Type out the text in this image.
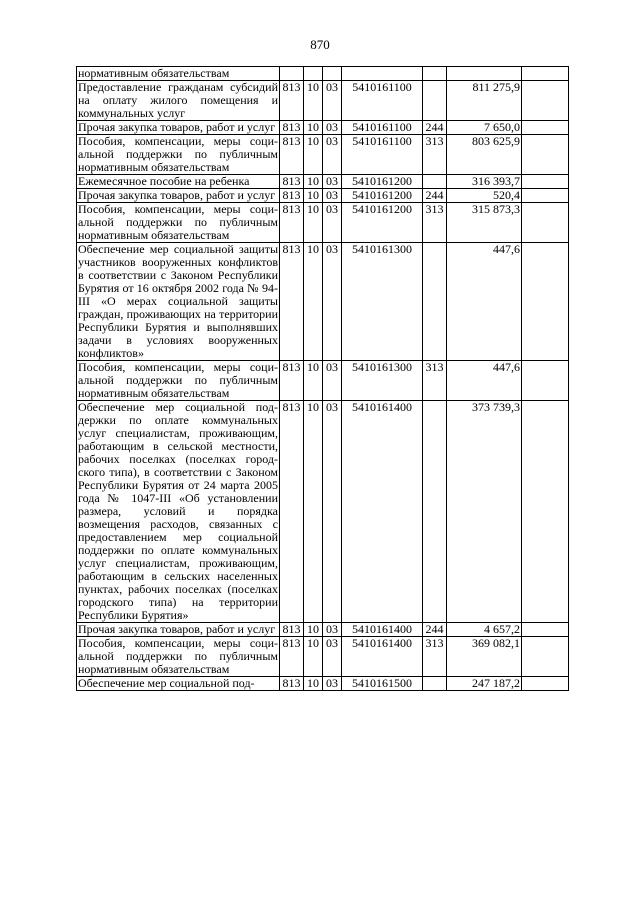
870
нормативным обязательствам							
Предоставление гражданам субсидий на оплату жилого помещения и коммунальных услуг	813	10	03	5410161100		811 275,9	
Прочая закупка товаров, работ и услуг	813	10	03	5410161100	244	7 650,0	
Пособия, компенсации, меры социальной поддержки по публичным нормативным обязательствам	813	10	03	5410161100	313	803 625,9	
Ежемесячное пособие на ребенка	813	10	03	5410161200		316 393,7	
Прочая закупка товаров, работ и услуг	813	10	03	5410161200	244	520,4	
Пособия, компенсации, меры социальной поддержки по публичным нормативным обязательствам	813	10	03	5410161200	313	315 873,3	
Обеспечение мер социальной защиты участников вооруженных конфликтов в соответствии с Законом Республики Бурятия от 16 октября 2002 года № 94-III «О мерах социальной защиты граждан, проживающих на территории Республики Бурятия и выполнявших задачи в условиях вооруженных конфликтов»	813	10	03	5410161300		447,6	
Пособия, компенсации, меры социальной поддержки по публичным нормативным обязательствам	813	10	03	5410161300	313	447,6	
Обеспечение мер социальной поддержки по оплате коммунальных услуг специалистам, проживающим, работающим в сельской местности, рабочих поселках (поселках городского типа), в соответствии с Законом Республики Бурятия от 24 марта 2005 года № 1047-III «Об установлении размера, условий и порядка возмещения расходов, связанных с предоставлением мер социальной поддержки по оплате коммунальных услуг специалистам, проживающим, работающим в сельских населенных пунктах, рабочих поселках (поселках городского типа) на территории Республики Бурятия»	813	10	03	5410161400		373 739,3	
Прочая закупка товаров, работ и услуг	813	10	03	5410161400	244	4 657,2	
Пособия, компенсации, меры социальной поддержки по публичным нормативным обязательствам	813	10	03	5410161400	313	369 082,1	
Обеспечение мер социальной под-	813	10	03	5410161500		247 187,2	
